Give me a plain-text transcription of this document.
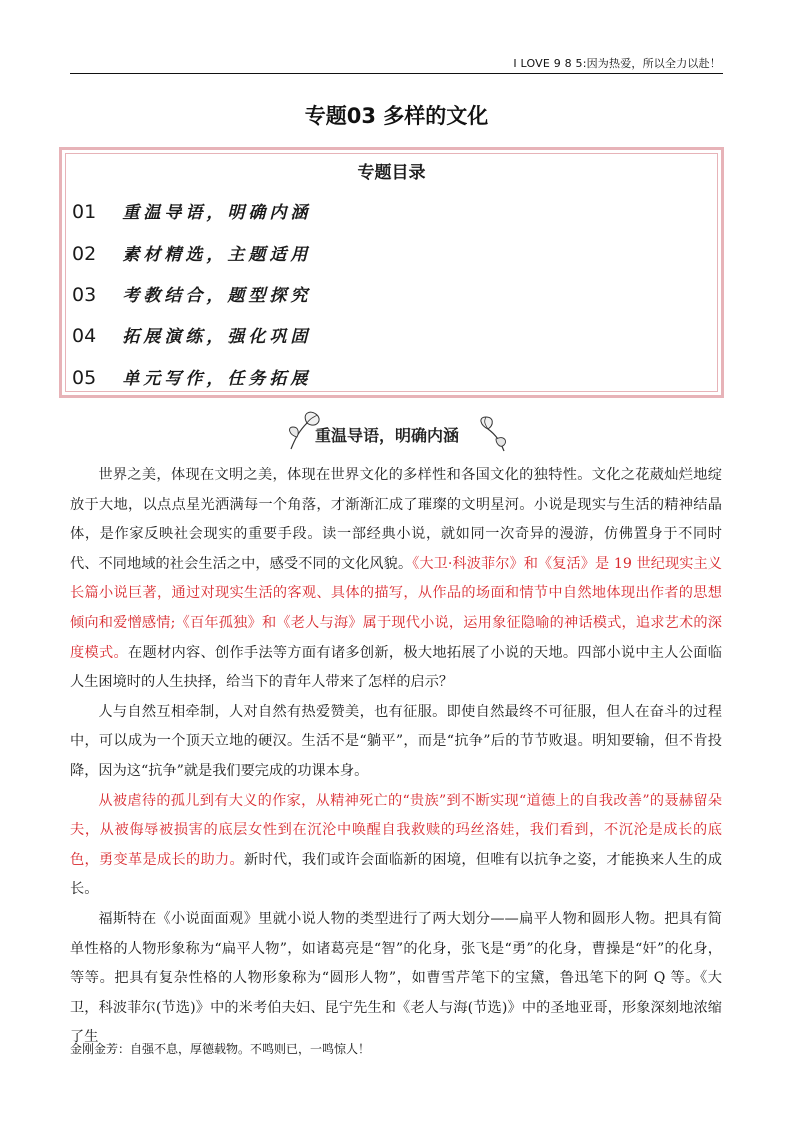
I LOVE 9 8 5:因为热爱，所以全力以赴！
专题03 多样的文化
专题目录
01 重温导语，明确内涵
02 素材精选，主题适用
03 考教结合，题型探究
04 拓展演练，强化巩固
05 单元写作，任务拓展
重温导语，明确内涵

世界之美，体现在文明之美，体现在世界文化的多样性和各国文化的独特性。文化之花葳灿烂地绽放于大地，以点点星光洒满每一个角落，才渐渐汇成了璀璨的文明星河。小说是现实与生活的精神结晶体，是作家反映社会现实的重要手段。读一部经典小说，就如同一次奇异的漫游，仿佛置身于不同时代、不同地域的社会生活之中，感受不同的文化风貌。《大卫·科波菲尔》和《复活》是 19 世纪现实主义长篇小说巨著，通过对现实生活的客观、具体的描写，从作品的场面和情节中自然地体现出作者的思想倾向和爱憎感情;《百年孤独》和《老人与海》属于现代小说，运用象征隐喻的神话模式，追求艺术的深度模式。在题材内容、创作手法等方面有诸多创新，极大地拓展了小说的天地。四部小说中主人公面临人生困境时的人生抉择，给当下的青年人带来了怎样的启示？

人与自然互相牵制，人对自然有热爱赞美，也有征服。即使自然最终不可征服，但人在奋斗的过程中，可以成为一个顶天立地的硬汉。生活不是“躺平”，而是“抗争”后的节节败退。明知要输，但不肯投降，因为这“抗争”就是我们要完成的功课本身。

从被虐待的孤儿到有大义的作家，从精神死亡的“贵族”到不断实现“道德上的自我改善”的聂赫留朵夫，从被侮辱被损害的底层女性到在沉沦中唤醒自我救赎的玛丝洛娃，我们看到，不沉沦是成长的底色，勇变革是成长的助力。新时代，我们或许会面临新的困境，但唯有以抗争之姿，才能换来人生的成长。

福斯特在《小说面面观》里就小说人物的类型进行了两大划分——扁平人物和圆形人物。把具有简单性格的人物形象称为“扁平人物”，如诸葛亮是“智”的化身，张飞是“勇”的化身，曹操是“奸”的化身，等等。把具有复杂性格的人物形象称为“圆形人物”，如曹雪芹笔下的宝黛，鲁迅笔下的阿 Q 等。《大卫，科波菲尔(节选)》中的米考伯夫妇、昆宁先生和《老人与海(节选)》中的圣地亚哥，形象深刻地浓缩了生

金刚金芳：自强不息，厚德载物。不鸣则已，一鸣惊人！
